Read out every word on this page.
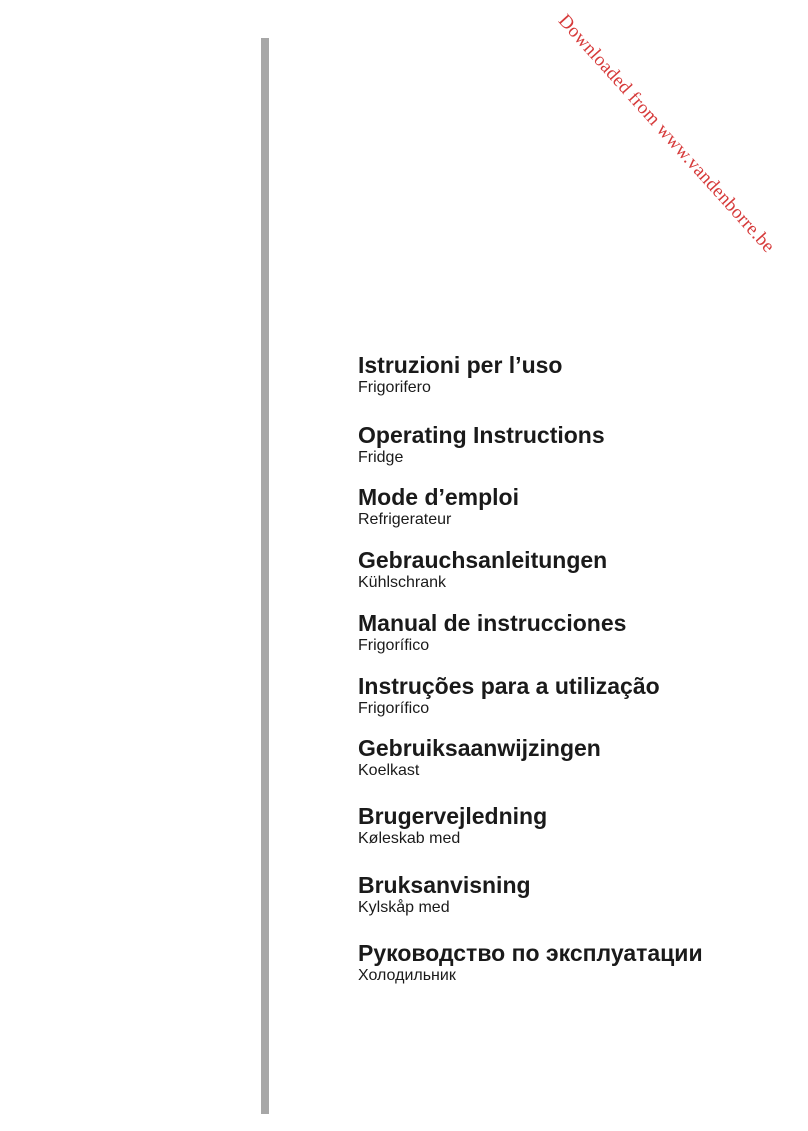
Downloaded from www.vandenborre.be
Istruzioni per l’uso
Frigorifero
Operating Instructions
Fridge
Mode d’emploi
Refrigerateur
Gebrauchsanleitungen
Kühlschrank
Manual de instrucciones
Frigorífico
Instruções para a utilização
Frigorífico
Gebruiksaanwijzingen
Koelkast
Brugervejledning
Køleskab med
Bruksanvisning
Kylskåp med
Руководство по эксплуатации
Холодильник
